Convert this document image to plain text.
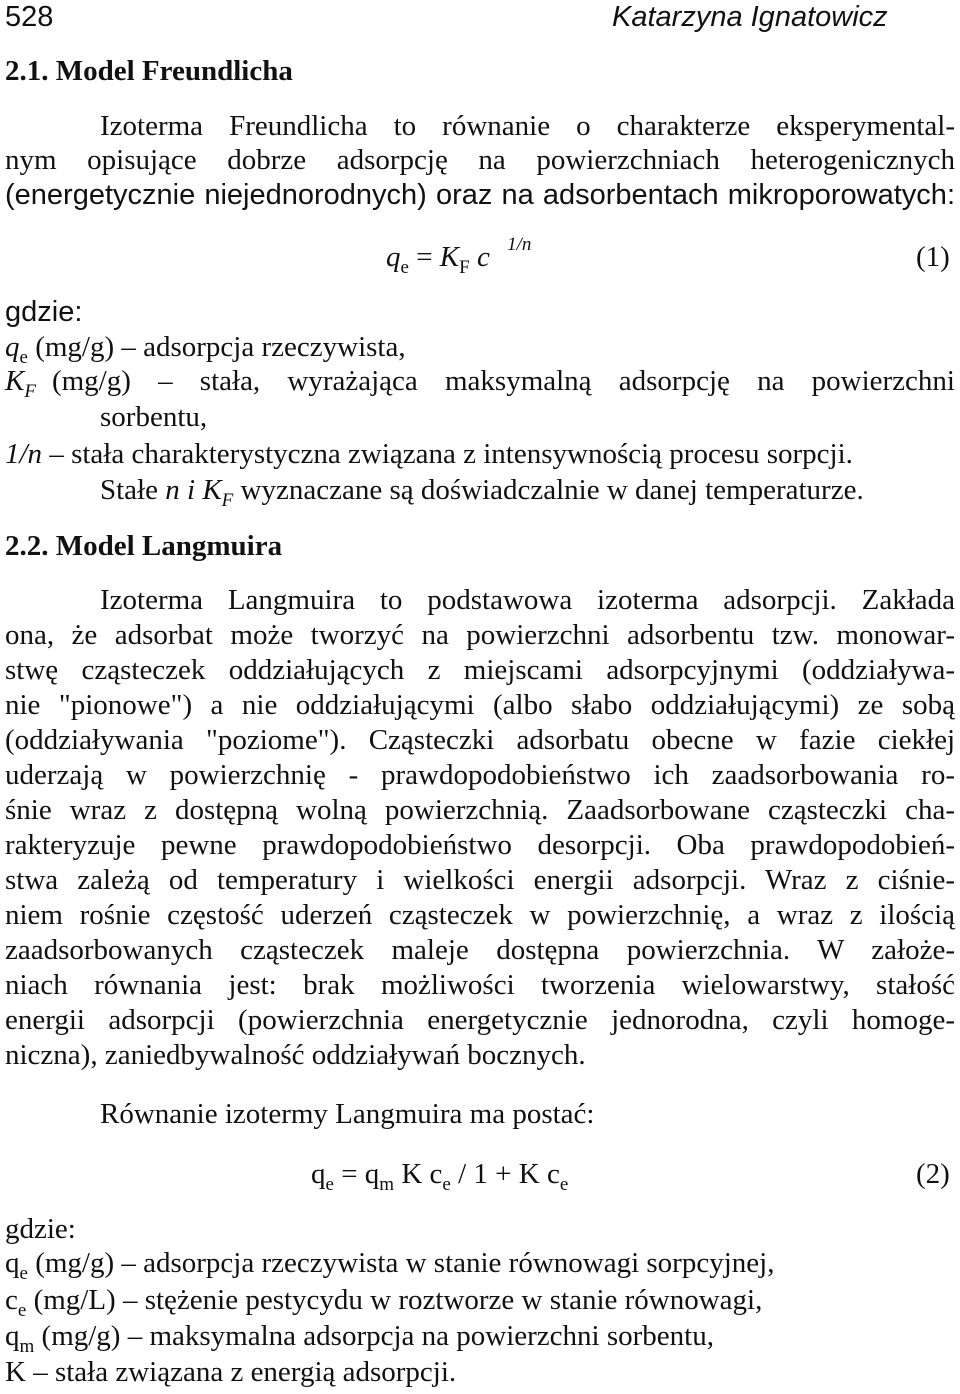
528	Katarzyna Ignatowicz
2.1. Model Freundlicha
Izoterma Freundlicha to równanie o charakterze eksperymental-
nym opisujące dobrze adsorpcję na powierzchniach heterogenicznych
(energetycznie niejednorodnych) oraz na adsorbentach mikroporowatych:
$q_e = K_F$ c $^{1/n}$	(1)
gdzie:
$q_e$ (mg/g) – adsorpcja rzeczywista,
$K_F$ (mg/g) – stała, wyrażająca maksymalną adsorpcję na powierzchni
sorbentu,
1/n – stała charakterystyczna związana z intensywnością procesu sorpcji.
Stałe n i $K_F$ wyznaczane są doświadczalnie w danej temperaturze.
2.2. Model Langmuira
Izoterma Langmuira to podstawowa izoterma adsorpcji. Zakłada
ona, że adsorbat może tworzyć na powierzchni adsorbentu tzw. monowar-
stwę cząsteczek oddziałujących z miejscami adsorpcyjnymi (oddziaływa-
nie "pionowe") a nie oddziałującymi (albo słabo oddziałującymi) ze sobą
(oddziaływania "poziome"). Cząsteczki adsorbatu obecne w fazie ciekłej
uderzają w powierzchnię - prawdopodobieństwo ich zaadsorbowania ro-
śnie wraz z dostępną wolną powierzchnią. Zaadsorbowane cząsteczki cha-
rakteryzuje pewne prawdopodobieństwo desorpcji. Oba prawdopodobień-
stwa zależą od temperatury i wielkości energii adsorpcji. Wraz z ciśnie-
niem rośnie częstość uderzeń cząsteczek w powierzchnię, a wraz z ilością
zaadsorbowanych cząsteczek maleje dostępna powierzchnia. W założe-
niach równania jest: brak możliwości tworzenia wielowarstwy, stałość
energii adsorpcji (powierzchnia energetycznie jednorodna, czyli homoge-
niczna), zaniedbywalność oddziaływań bocznych.
Równanie izotermy Langmuira ma postać:
$q_e = q_m$ K $c_e / 1 + K$ $c_e$	(2)
gdzie:
$q_e$ (mg/g) – adsorpcja rzeczywista w stanie równowagi sorpcyjnej,
$c_e$ (mg/L) – stężenie pestycydu w roztworze w stanie równowagi,
$q_m$ (mg/g) – maksymalna adsorpcja na powierzchni sorbentu,
K – stała związana z energią adsorpcji.
